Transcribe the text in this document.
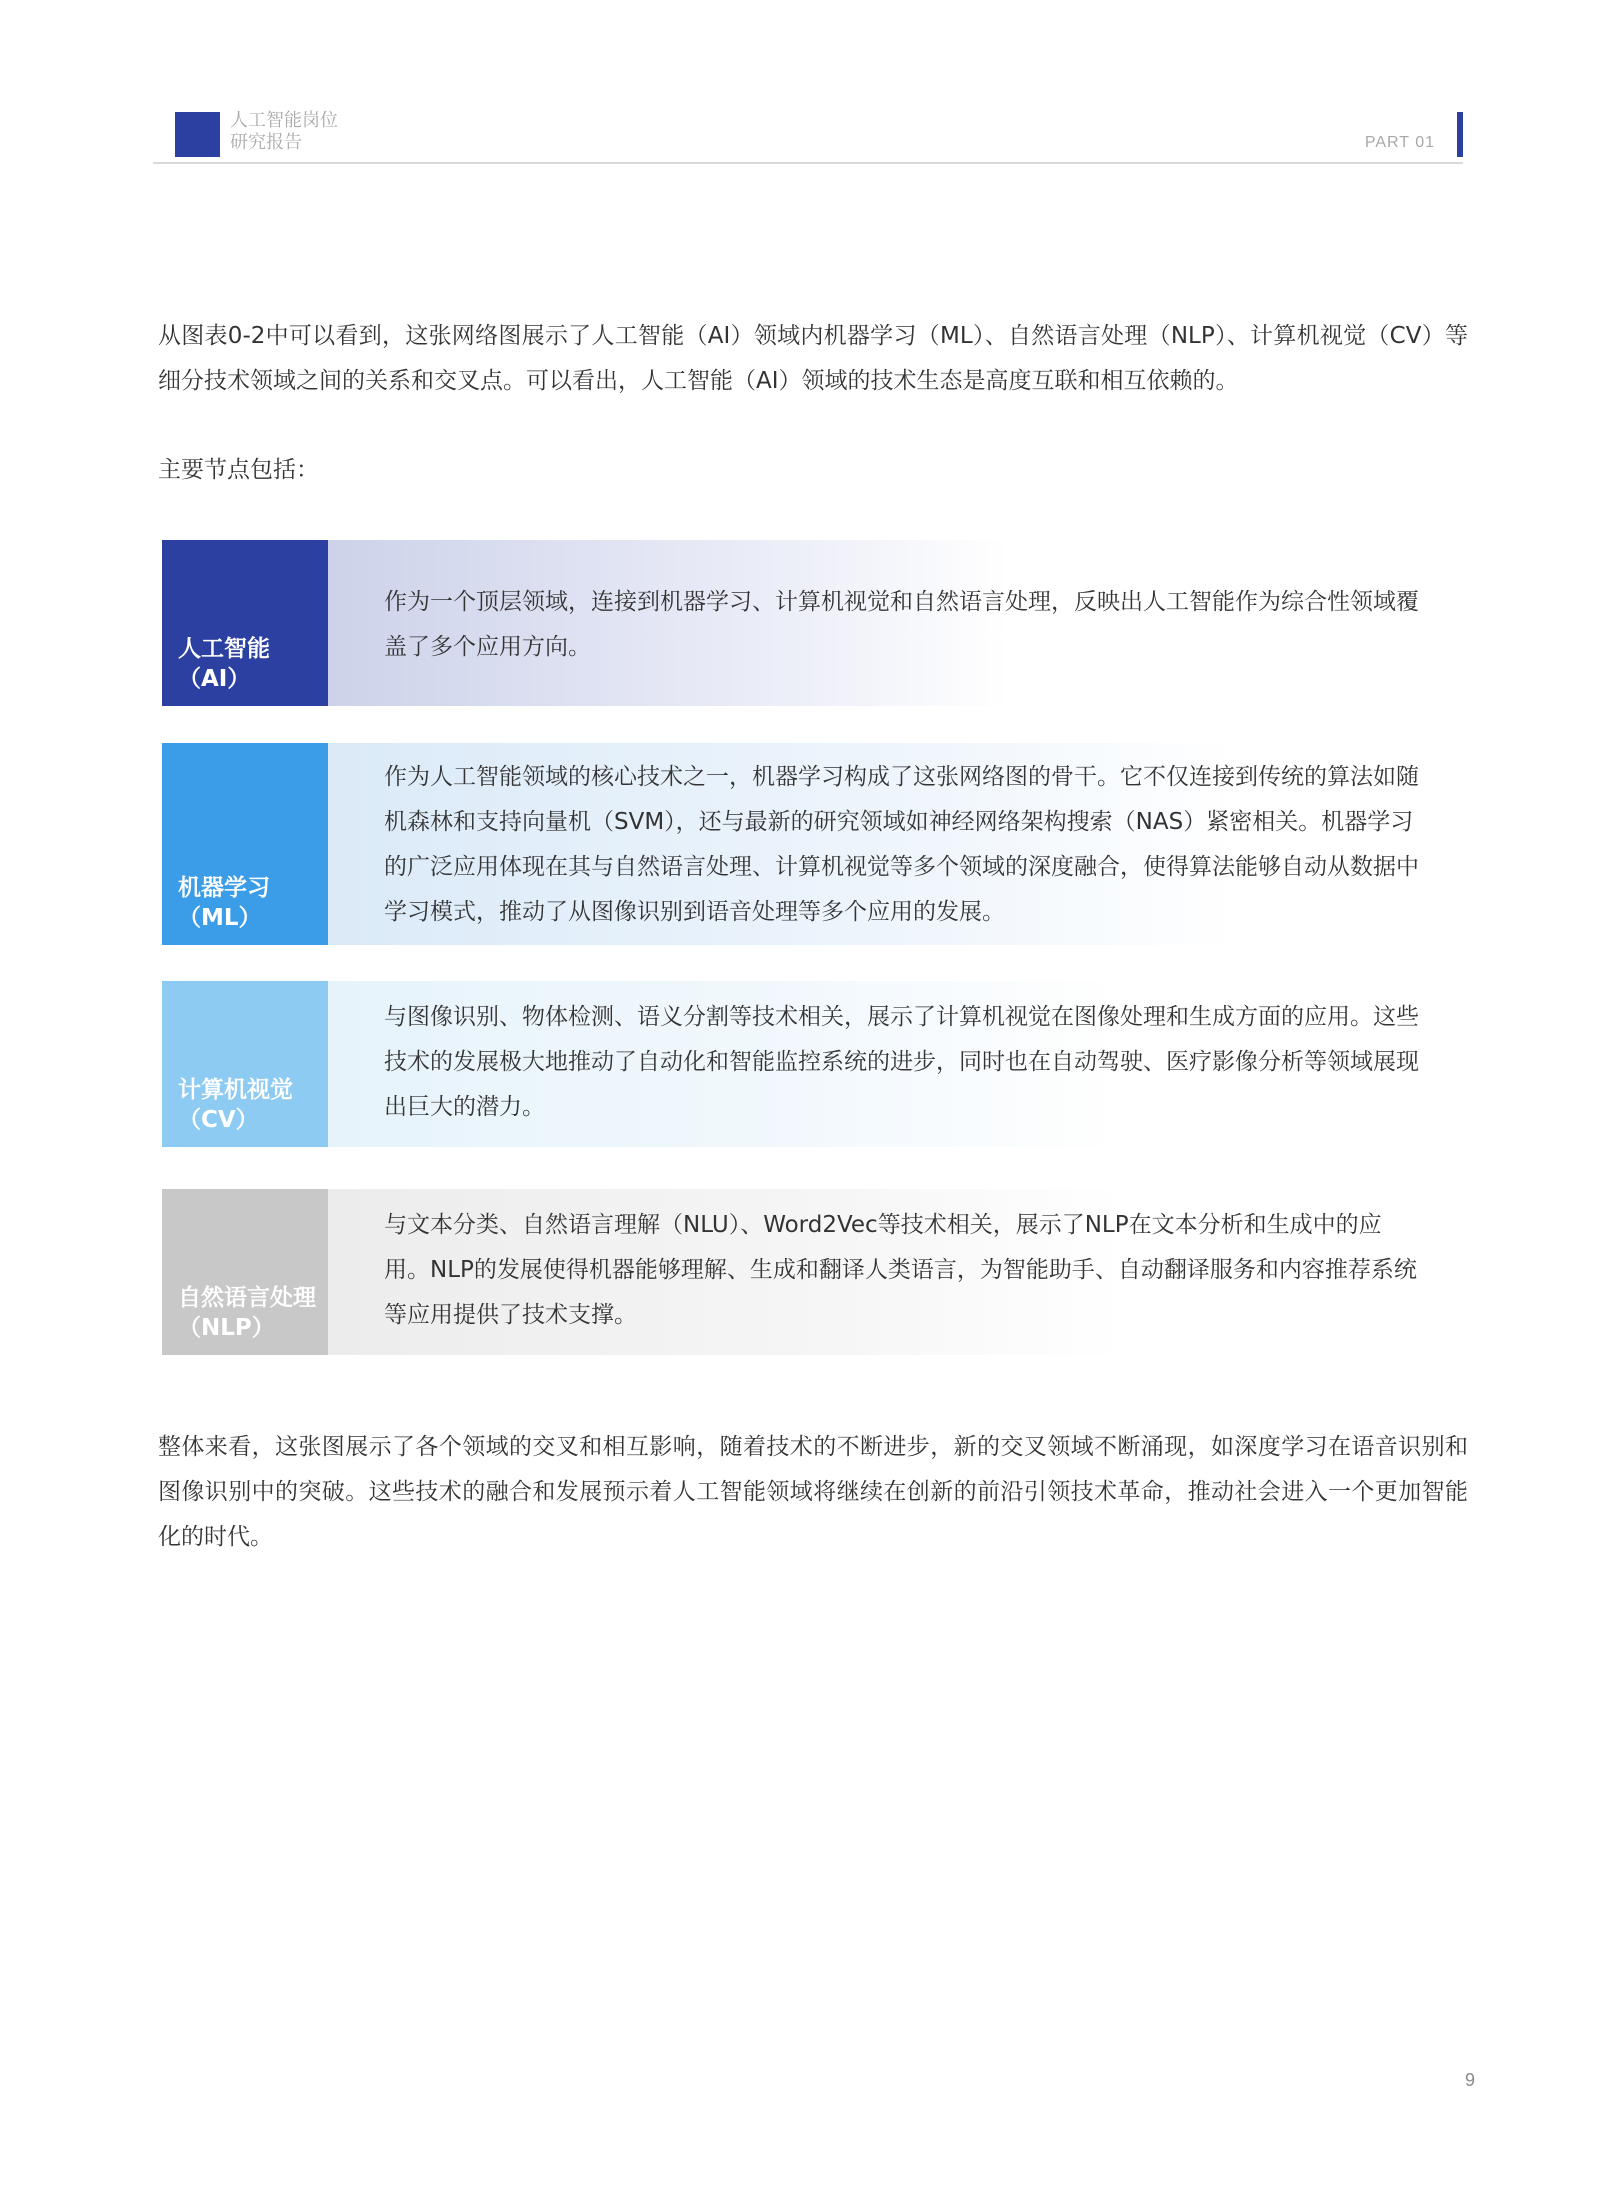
人工智能岗位
研究报告	PART 01

从图表0-2中可以看到，这张网络图展示了人工智能（AI）领域内机器学习（ML）、自然语言处理（NLP）、计算机视觉（CV）等细分技术领域之间的关系和交叉点。可以看出，人工智能（AI）领域的技术生态是高度互联和相互依赖的。

主要节点包括：

人工智能
（AI）
作为一个顶层领域，连接到机器学习、计算机视觉和自然语言处理，反映出人工智能作为综合性领域覆盖了多个应用方向。
机器学习
（ML）
作为人工智能领域的核心技术之一，机器学习构成了这张网络图的骨干。它不仅连接到传统的算法如随机森林和支持向量机（SVM），还与最新的研究领域如神经网络架构搜索（NAS）紧密相关。机器学习的广泛应用体现在其与自然语言处理、计算机视觉等多个领域的深度融合，使得算法能够自动从数据中学习模式，推动了从图像识别到语音处理等多个应用的发展。
计算机视觉
（CV）
与图像识别、物体检测、语义分割等技术相关，展示了计算机视觉在图像处理和生成方面的应用。这些技术的发展极大地推动了自动化和智能监控系统的进步，同时也在自动驾驶、医疗影像分析等领域展现出巨大的潜力。
自然语言处理
（NLP）
与文本分类、自然语言理解（NLU）、Word2Vec等技术相关，展示了NLP在文本分析和生成中的应用。NLP的发展使得机器能够理解、生成和翻译人类语言，为智能助手、自动翻译服务和内容推荐系统等应用提供了技术支撑。

整体来看，这张图展示了各个领域的交叉和相互影响，随着技术的不断进步，新的交叉领域不断涌现，如深度学习在语音识别和图像识别中的突破。这些技术的融合和发展预示着人工智能领域将继续在创新的前沿引领技术革命，推动社会进入一个更加智能化的时代。

9
